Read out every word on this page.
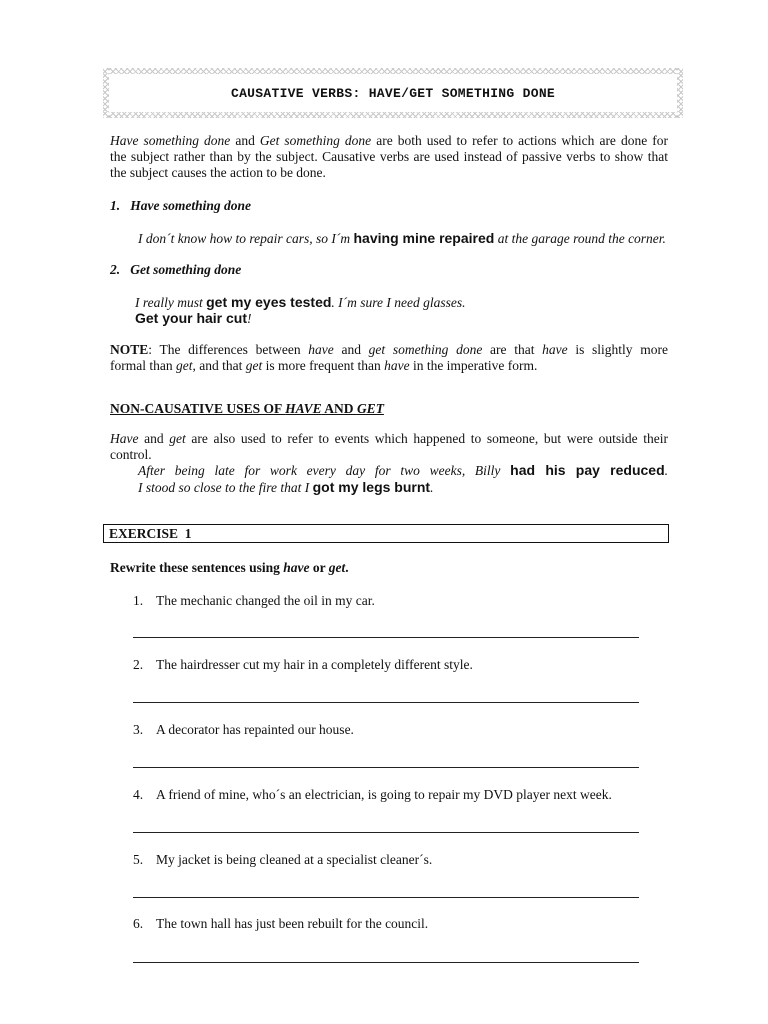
CAUSATIVE VERBS: HAVE/GET SOMETHING DONE
Have something done and Get something done are both used to refer to actions which are done for
the subject rather than by the subject. Causative verbs are used instead of passive verbs to show that
the subject causes the action to be done.
1.   Have something done
I don´t know how to repair cars, so I´m having mine repaired at the garage round the corner.
2.   Get something done
I really must get my eyes tested. I´m sure I need glasses.
Get your hair cut!
NOTE: The differences between have and get something done are that have is slightly more
formal than get, and that get is more frequent than have in the imperative form.
NON-CAUSATIVE USES OF HAVE AND GET
Have and get are also used to refer to events which happened to someone, but were outside their
control.
After being late for work every day for two weeks, Billy had his pay reduced.
I stood so close to the fire that I got my legs burnt.
EXERCISE  1
Rewrite these sentences using have or get.
1. The mechanic changed the oil in my car.
2. The hairdresser cut my hair in a completely different style.
3. A decorator has repainted our house.
4. A friend of mine, who´s an electrician, is going to repair my DVD player next week.
5. My jacket is being cleaned at a specialist cleaner´s.
6. The town hall has just been rebuilt for the council.
